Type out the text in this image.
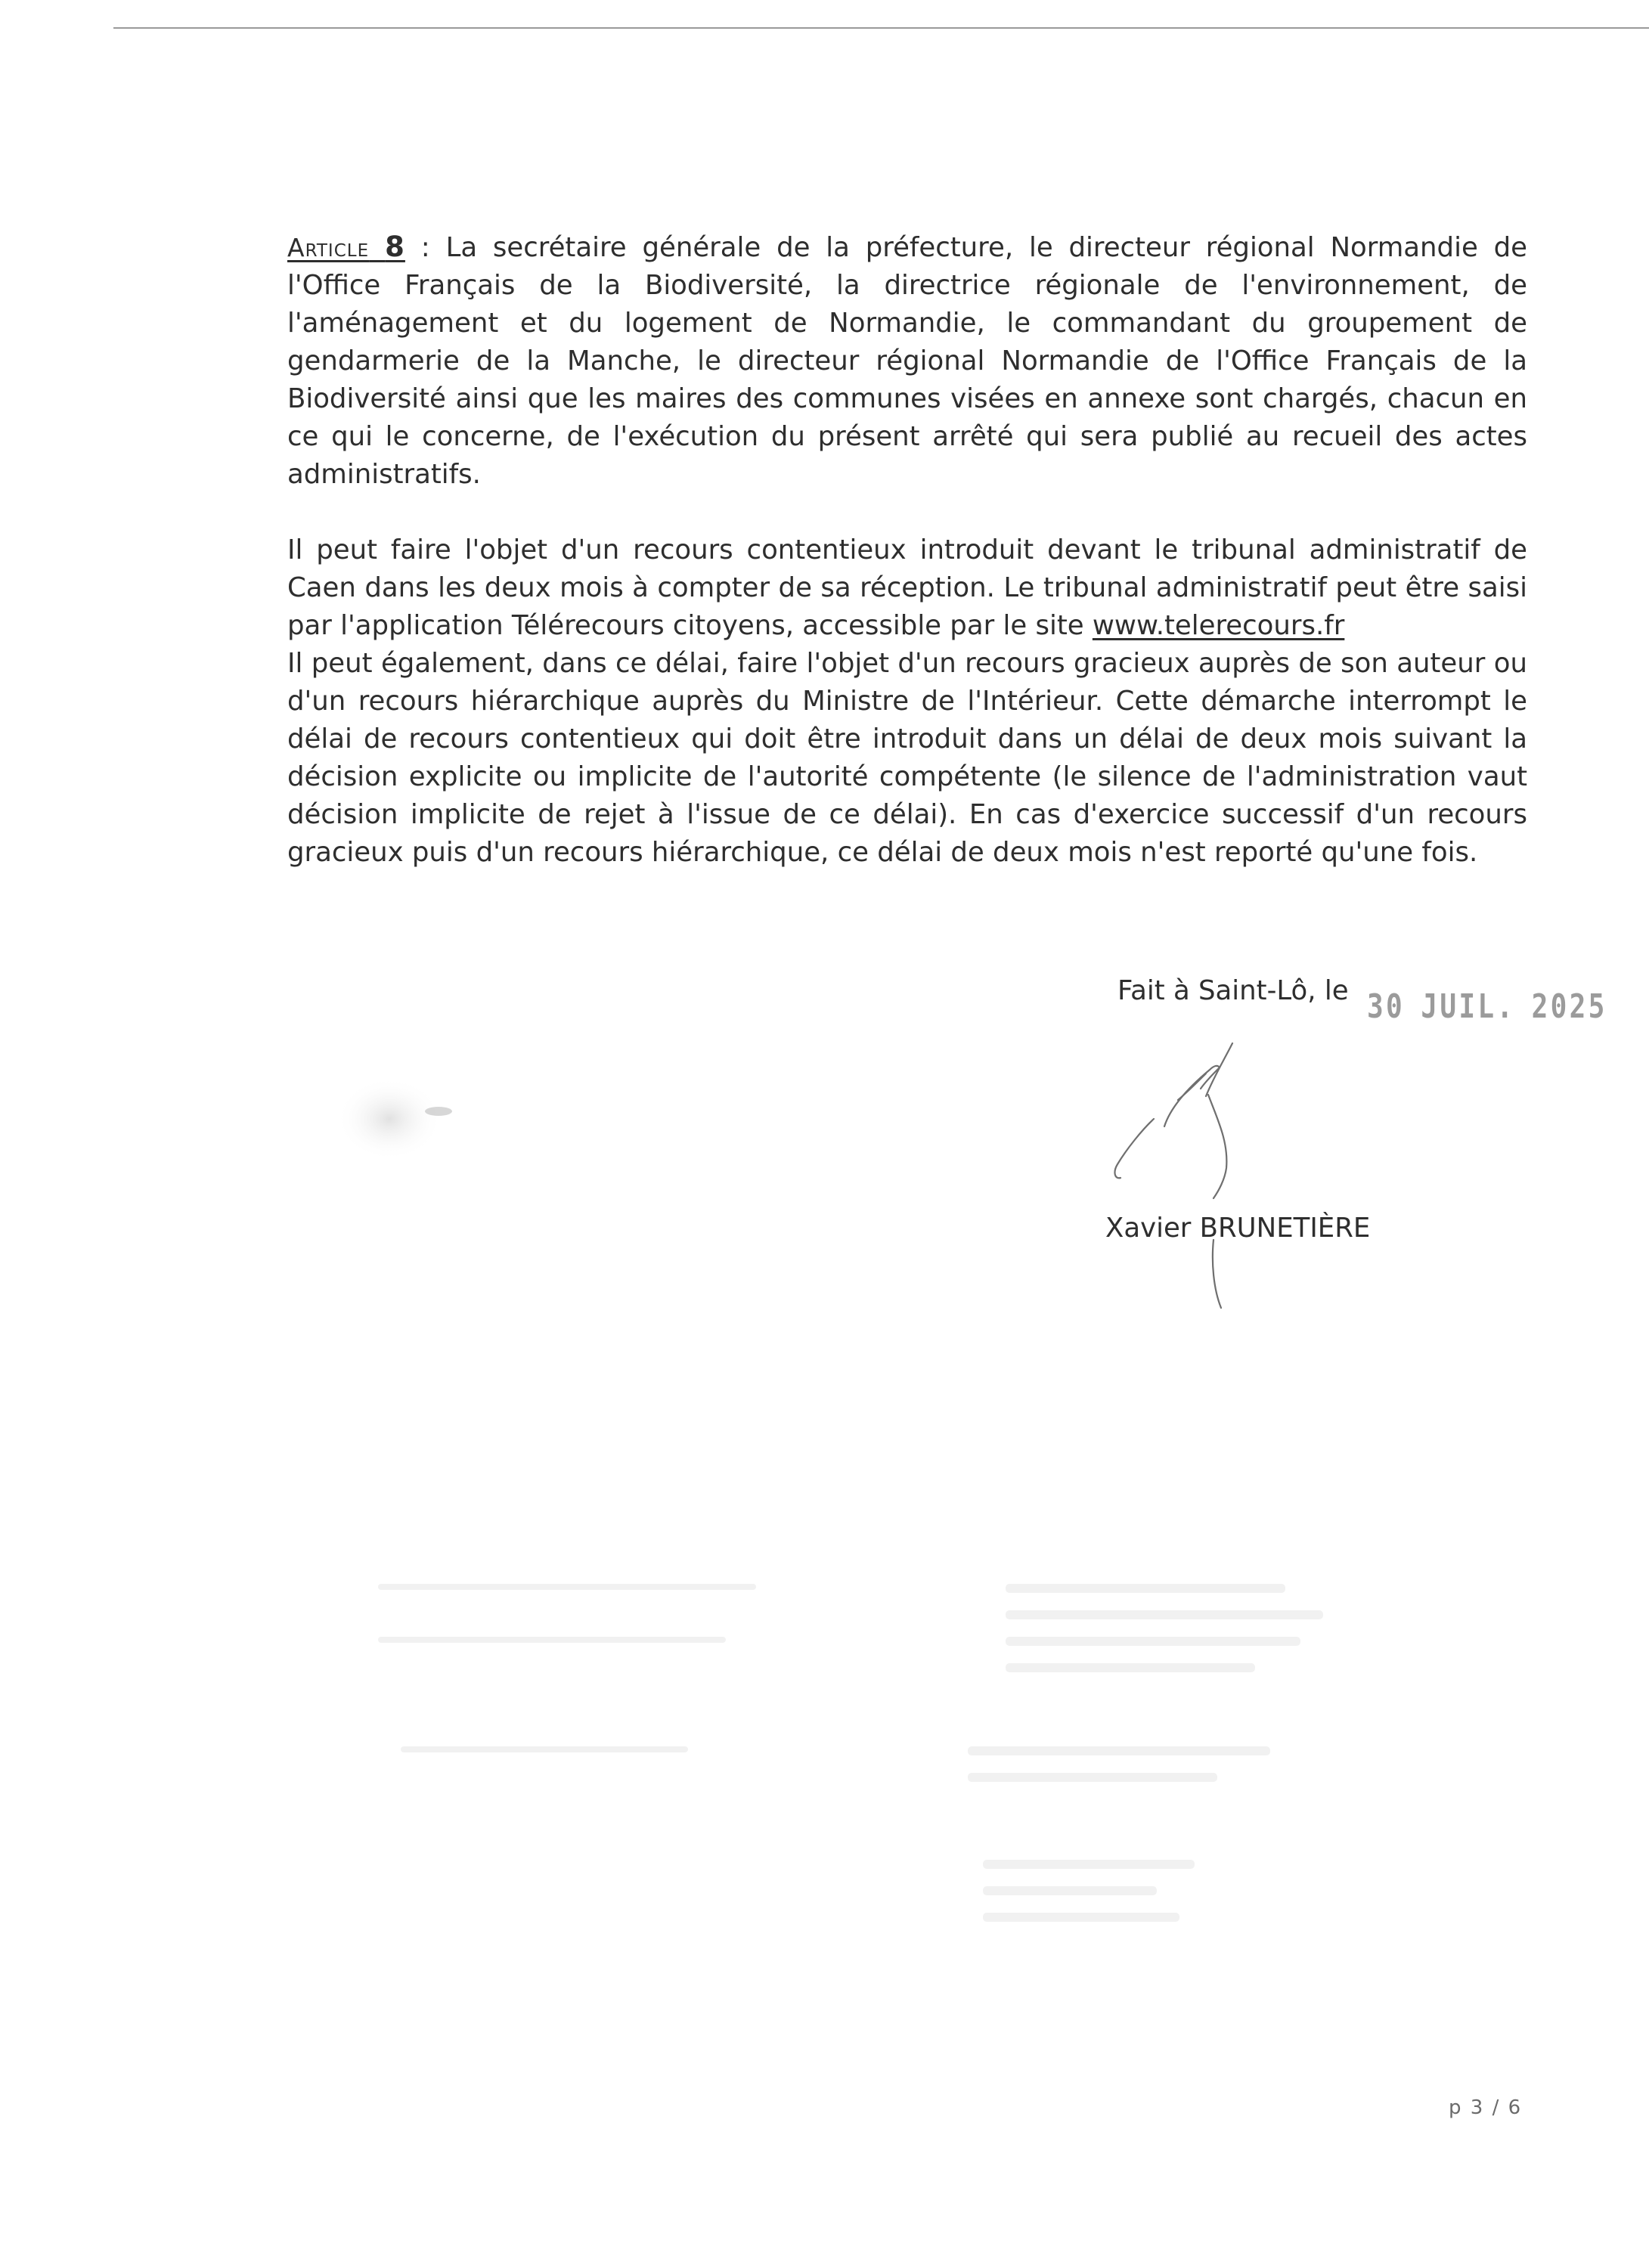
Article 8 : La secrétaire générale de la préfecture, le directeur régional Normandie de l'Office Français de la Biodiversité, la directrice régionale de l'environnement, de l'aménagement et du logement de Normandie, le commandant du groupement de gendarmerie de la Manche, le directeur régional Normandie de l'Office Français de la Biodiversité ainsi que les maires des communes visées en annexe sont chargés, chacun en ce qui le concerne, de l'exécution du présent arrêté qui sera publié au recueil des actes administratifs.

Il peut faire l'objet d'un recours contentieux introduit devant le tribunal administratif de Caen dans les deux mois à compter de sa réception. Le tribunal administratif peut être saisi par l'application Télérecours citoyens, accessible par le site www.telerecours.fr

Il peut également, dans ce délai, faire l'objet d'un recours gracieux auprès de son auteur ou d'un recours hiérarchique auprès du Ministre de l'Intérieur. Cette démarche interrompt le délai de recours contentieux qui doit être introduit dans un délai de deux mois suivant la décision explicite ou implicite de l'autorité compétente (le silence de l'administration vaut décision implicite de rejet à l'issue de ce délai). En cas d'exercice successif d'un recours gracieux puis d'un recours hiérarchique, ce délai de deux mois n'est reporté qu'une fois.

Fait à Saint-Lô, le 30 JUIL. 2025
Xavier BRUNETIÈRE
p 3 / 6
